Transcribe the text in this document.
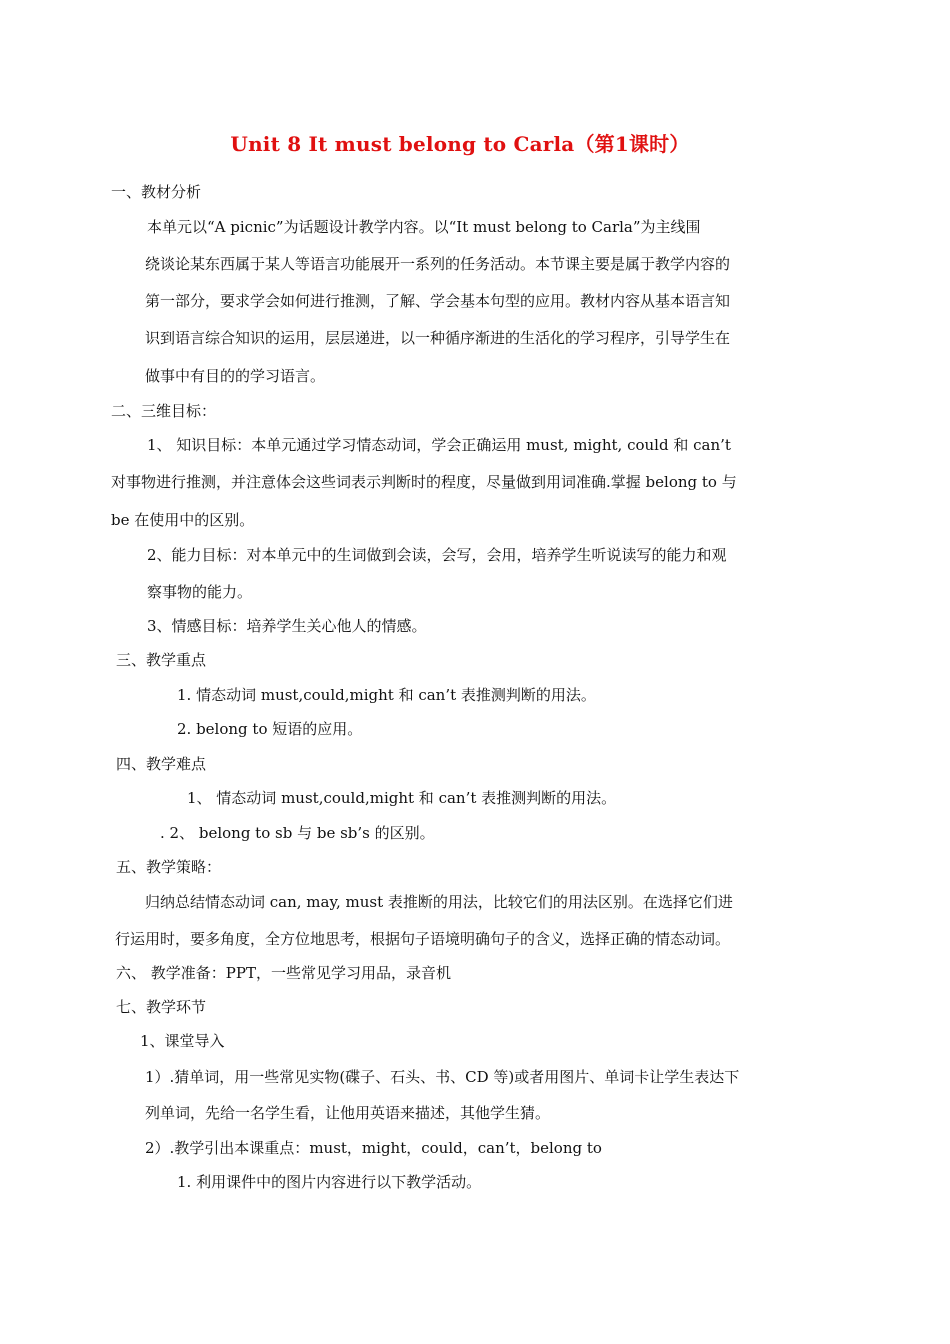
Unit 8 It must belong to Carla（第1课时）
一、教材分析
本单元以“A picnic”为话题设计教学内容。以“It must belong to Carla”为主线围
绕谈论某东西属于某人等语言功能展开一系列的任务活动。本节课主要是属于教学内容的
第一部分，要求学会如何进行推测，了解、学会基本句型的应用。教材内容从基本语言知
识到语言综合知识的运用，层层递进，以一种循序渐进的生活化的学习程序，引导学生在
做事中有目的的学习语言。
二、三维目标：
1、 知识目标：本单元通过学习情态动词，学会正确运用 must, might, could 和 can’t
对事物进行推测，并注意体会这些词表示判断时的程度，尽量做到用词准确.掌握 belong to 与
be 在使用中的区别。
2、能力目标：对本单元中的生词做到会读，会写，会用，培养学生听说读写的能力和观
察事物的能力。
3、情感目标：培养学生关心他人的情感。
三、教学重点
1. 情态动词 must,could,might 和 can’t 表推测判断的用法。
2. belong to 短语的应用。
四、教学难点
1、 情态动词 must,could,might 和 can’t 表推测判断的用法。
. 2、 belong to sb 与 be sb’s 的区别。
五、教学策略：
归纳总结情态动词 can, may, must 表推断的用法，比较它们的用法区别。在选择它们进
行运用时，要多角度，全方位地思考，根据句子语境明确句子的含义，选择正确的情态动词。
六、 教学准备：PPT，一些常见学习用品，录音机
七、教学环节
1、课堂导入
1）.猜单词，用一些常见实物(碟子、石头、书、CD 等)或者用图片、单词卡让学生表达下
列单词，先给一名学生看，让他用英语来描述，其他学生猜。
2）.教学引出本课重点：must，might，could，can’t，belong to
1. 利用课件中的图片内容进行以下教学活动。
